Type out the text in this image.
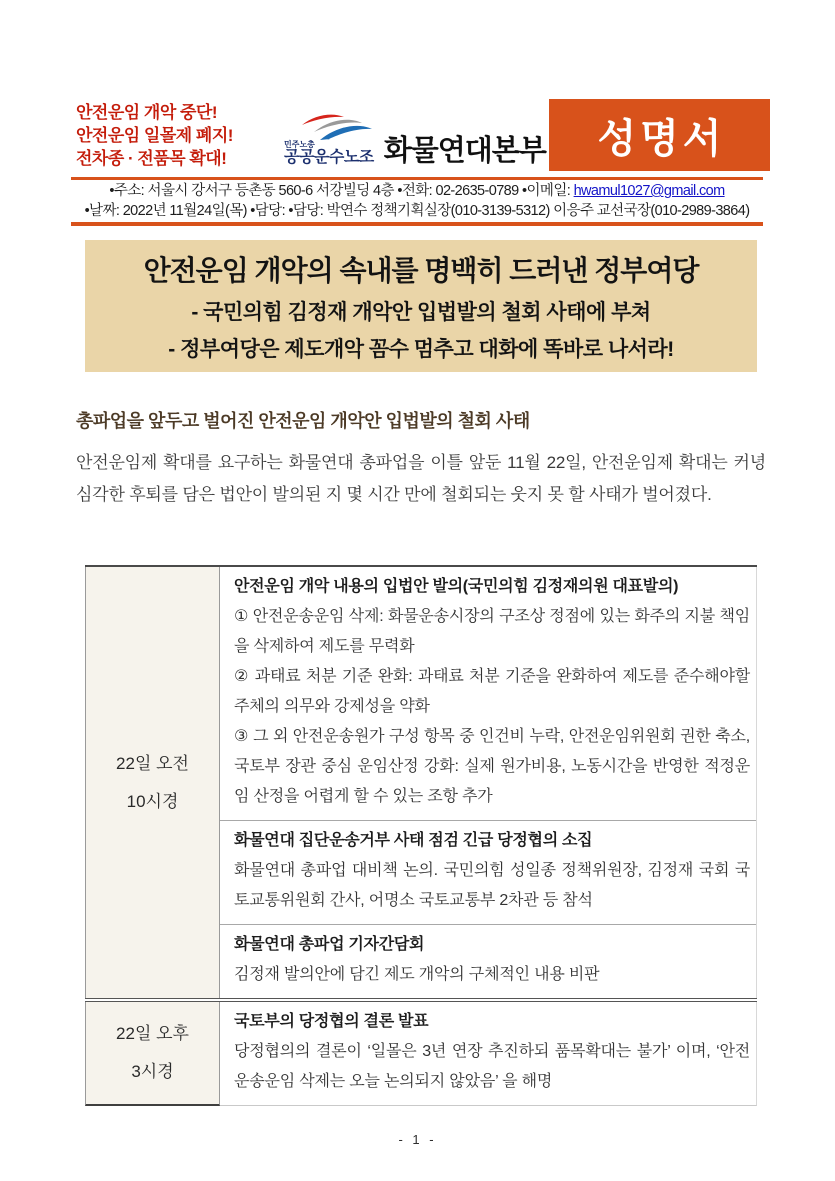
안전운임 개악 중단!
안전운임 일몰제 폐지!
전차종 · 전품목 확대!
민주노총
공공운수노조 화물연대본부 성명서
•주소: 서울시 강서구 등촌동 560-6 서강빌딩 4층 •전화: 02-2635-0789 •이메일: hwamul1027@gmail.com
•날짜: 2022년 11월24일(목) •담당: •담당: 박연수 정책기획실장(010-3139-5312) 이응주 교선국장(010-2989-3864)
안전운임 개악의 속내를 명백히 드러낸 정부여당
- 국민의힘 김정재 개악안 입법발의 철회 사태에 부쳐
- 정부여당은 제도개악 꼼수 멈추고 대화에 똑바로 나서라!
총파업을 앞두고 벌어진 안전운임 개악안 입법발의 철회 사태
안전운임제 확대를 요구하는 화물연대 총파업을 이틀 앞둔 11월 22일, 안전운임제 확대는 커녕 심각한 후퇴를 담은 법안이 발의된 지 몇 시간 만에 철회되는 웃지 못 할 사태가 벌어졌다.
22일 오전
10시경
안전운임 개악 내용의 입법안 발의(국민의힘 김정재의원 대표발의)

① 안전운송운임 삭제: 화물운송시장의 구조상 정점에 있는 화주의 지불 책임을 삭제하여 제도를 무력화

② 과태료 처분 기준 완화: 과태료 처분 기준을 완화하여 제도를 준수해야할 주체의 의무와 강제성을 약화

③ 그 외 안전운송원가 구성 항목 중 인건비 누락, 안전운임위원회 권한 축소, 국토부 장관 중심 운임산정 강화: 실제 원가비용, 노동시간을 반영한 적정운임 산정을 어렵게 할 수 있는 조항 추가

화물연대 집단운송거부 사태 점검 긴급 당정협의 소집

화물연대 총파업 대비책 논의. 국민의힘 성일종 정책위원장, 김정재 국회 국토교통위원회 간사, 어명소 국토교통부 2차관 등 참석

화물연대 총파업 기자간담회

김정재 발의안에 담긴 제도 개악의 구체적인 내용 비판

22일 오후
3시경
국토부의 당정협의 결론 발표

당정협의의 결론이 ‘일몰은 3년 연장 추진하되 품목확대는 불가’ 이며, ‘안전운송운임 삭제는 오늘 논의되지 않았음’ 을 해명

- 1 -
